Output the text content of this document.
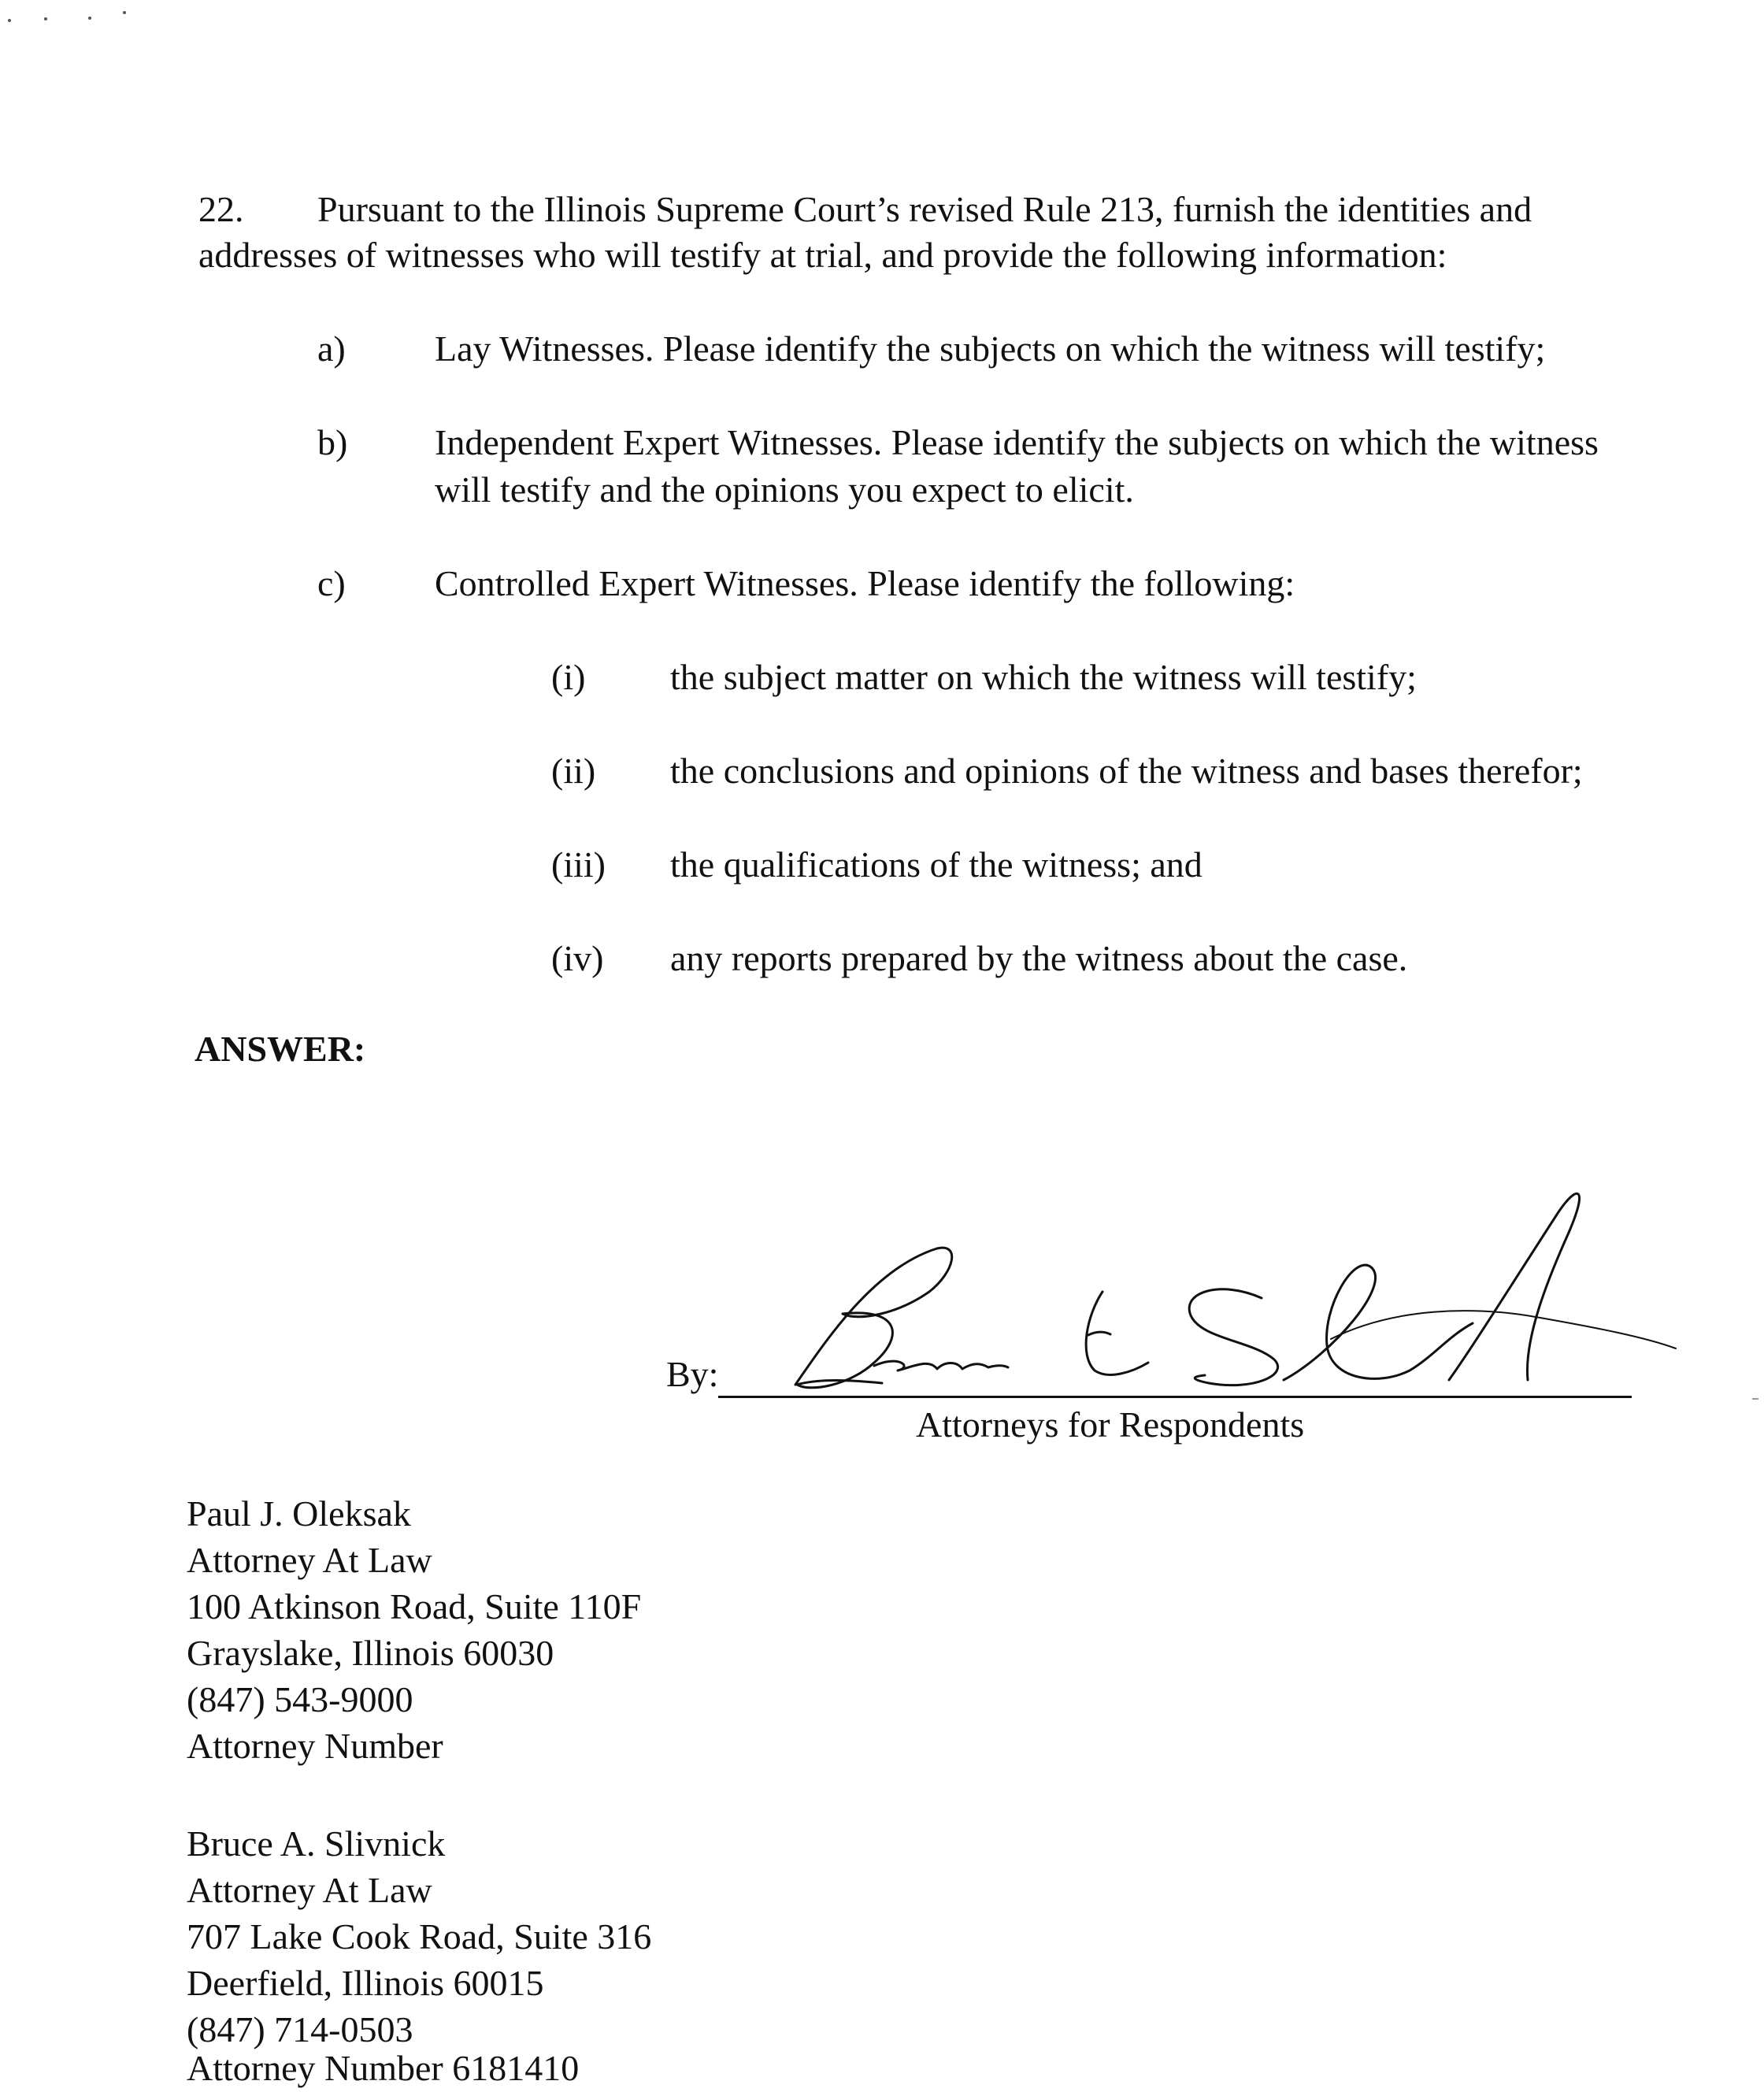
22. Pursuant to the Illinois Supreme Court’s revised Rule 213, furnish the identities and
addresses of witnesses who will testify at trial, and provide the following information:
a) Lay Witnesses. Please identify the subjects on which the witness will testify;
b) Independent Expert Witnesses. Please identify the subjects on which the witness
will testify and the opinions you expect to elicit.
c) Controlled Expert Witnesses. Please identify the following:
(i) the subject matter on which the witness will testify;
(ii) the conclusions and opinions of the witness and bases therefor;
(iii) the qualifications of the witness; and
(iv) any reports prepared by the witness about the case.
ANSWER:
By:
Attorneys for Respondents
Paul J. Oleksak
Attorney At Law
100 Atkinson Road, Suite 110F
Grayslake, Illinois 60030
(847) 543-9000
Attorney Number
Bruce A. Slivnick
Attorney At Law
707 Lake Cook Road, Suite 316
Deerfield, Illinois 60015
(847) 714-0503
Attorney Number 6181410
